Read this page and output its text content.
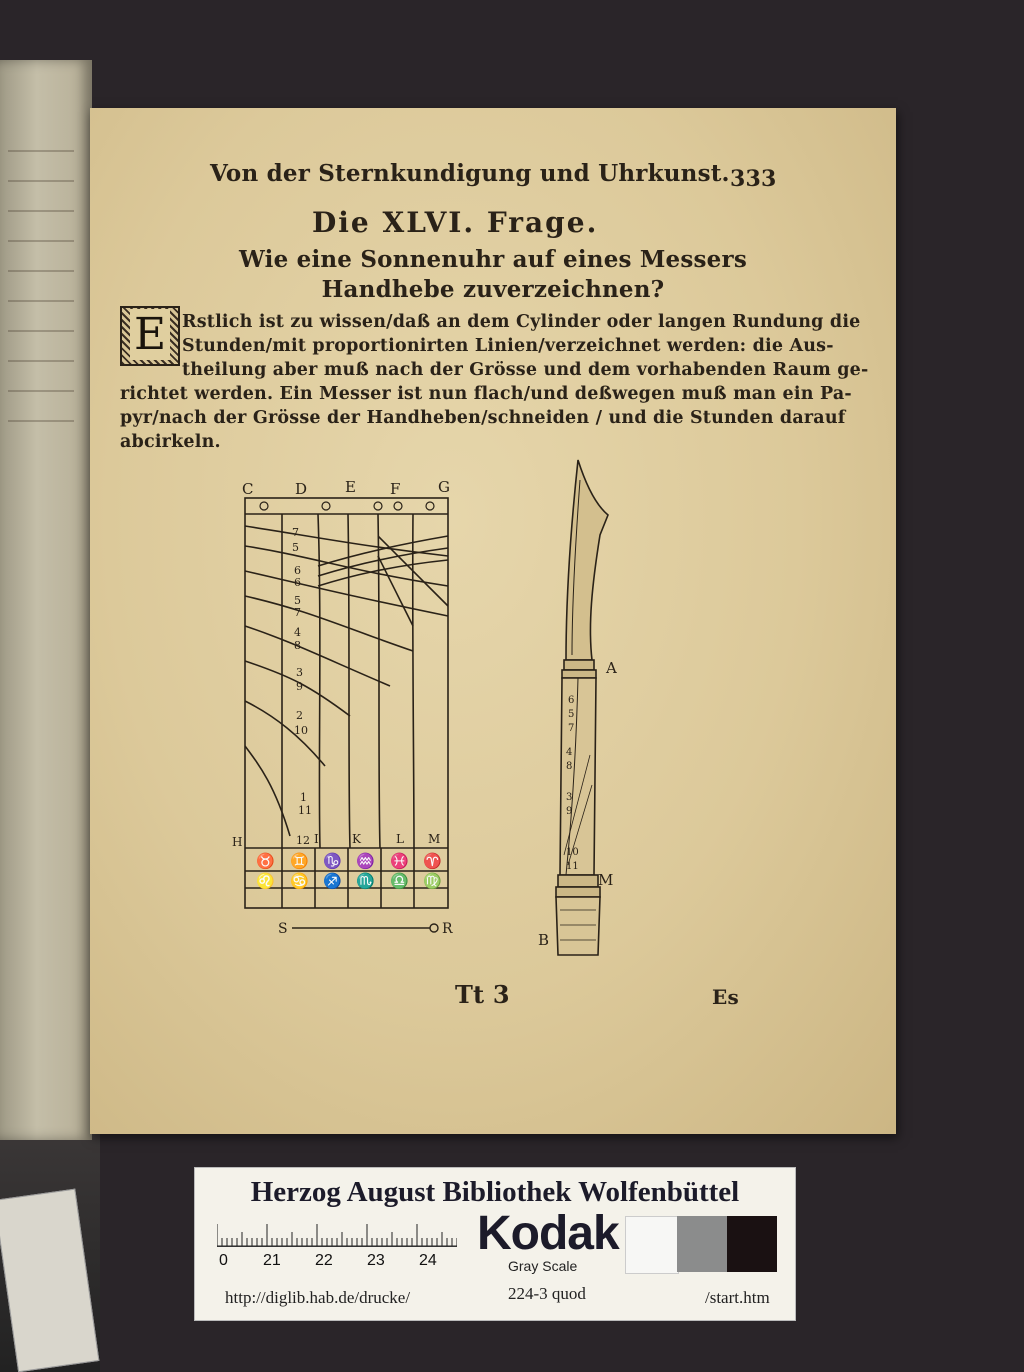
Von der Sternkundigung und Uhrkunst. 333
Die XLVI. Frage.
Wie eine Sonnenuhr auf eines Messers
Handhebe zuverzeichnen?
E Rstlich ist zu wissen/daß an dem Cylinder oder langen Rundung die
Stunden/mit proportionirten Linien/verzeichnet werden: die Aus-
theilung aber muß nach der Grösse und dem vorhabenden Raum ge-
richtet werden. Ein Messer ist nun flach/und deßwegen muß man ein Pa-
pyr/nach der Grösse der Handheben/schneiden / und die Stunden darauf
abcirkeln.
C	D	E F	G
7
5
6
6
5
7
4
8
3
9
2
10
1
11
12
H	I	K	L M
♉ ♊ ♑ ♒ ♓ ♈
♌ ♋ ♐ ♏ ♎ ♍
S	R
A
M
B
6
5
7
4
8
3
9
10
11
Tt 3	Es
Herzog August Bibliothek Wolfenbüttel
0 21 22 23 24
Kodak
Gray Scale
http://diglib.hab.de/drucke/	224-3 quod	/start.htm
